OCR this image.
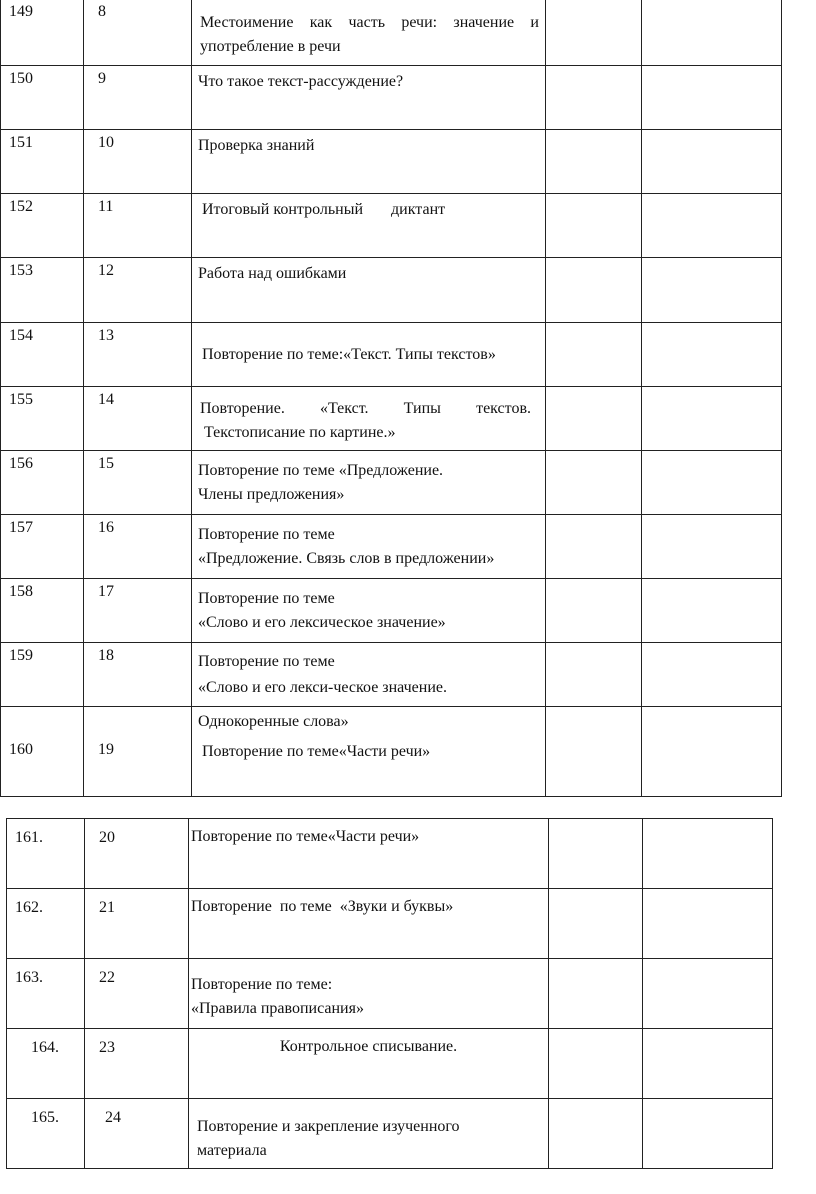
149	8	Местоимение как часть речи: значение и
употребление в речи		

150	9	Что такое текст-рассуждение?		

151	10	Проверка знаний		

152	11	Итоговый контрольный       диктант		

153	12	Работа над ошибками		

154	13	Повторение по теме:«Текст. Типы текстов»		

155	14	Повторение. «Текст. Типы текстов.
Текстописание по картине.»		

156	15	Повторение по теме «Предложение.
Члены предложения»		

157	16	Повторение по теме
«Предложение. Связь слов в предложении»		

158	17	Повторение по теме
«Слово и его лексическое значение»		

159	18	Повторение по теме
«Слово и его лекси-ческое значение.		

160	19	Однокоренные слова»
Повторение по теме«Части речи»		

161.	20	Повторение по теме«Части речи»		

162.	21	Повторение  по теме  «Звуки и буквы»		

163.	22	Повторение по теме:
«Правила правописания»		

164.	23	Контрольное списывание.		

165.	24	Повторение и закрепление изученного
материала		
